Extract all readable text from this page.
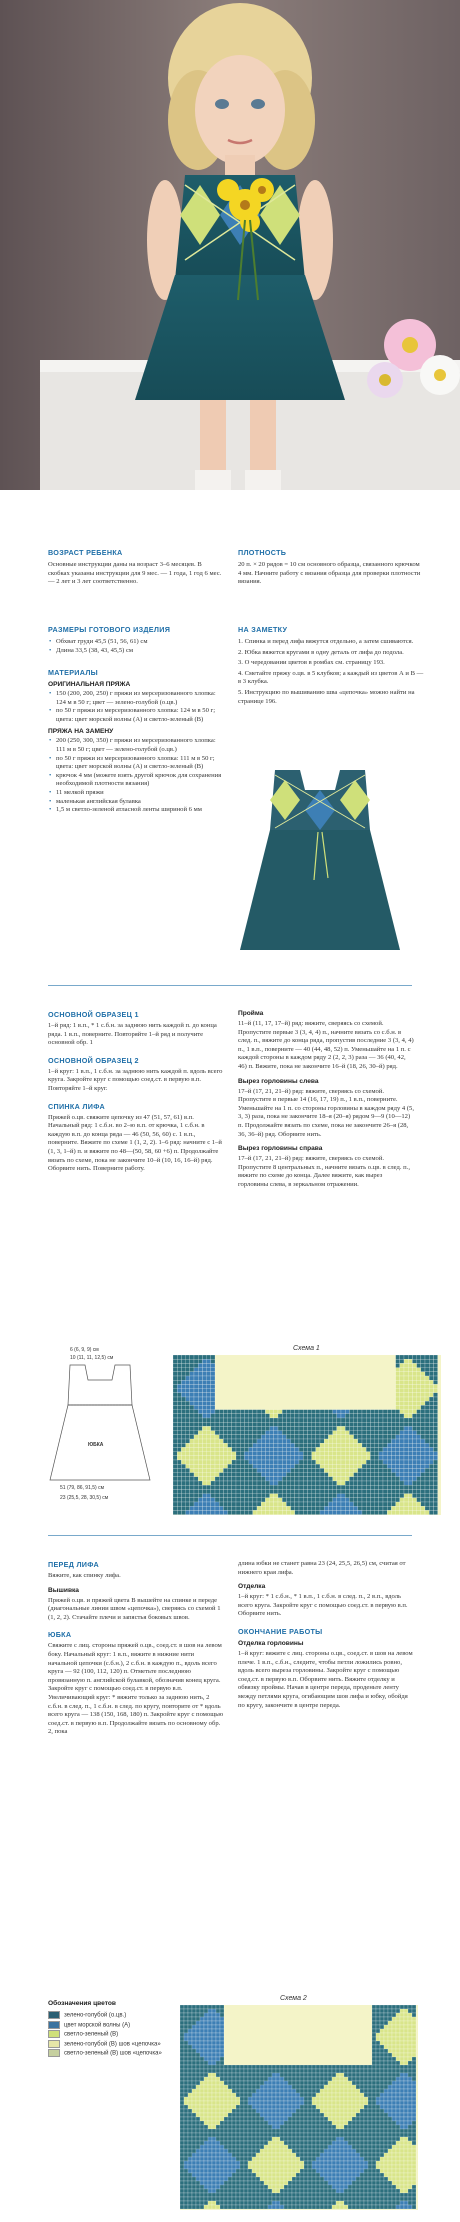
ВОЗРАСТ РЕБЕНКА
Основные инструкции даны на возраст 3–6 месяцев. В скобках указаны инструкции для 9 мес. — 1 года, 1 год 6 мес. — 2 лет и 3 лет соответственно.
РАЗМЕРЫ ГОТОВОГО ИЗДЕЛИЯ
• Обхват груди 45,5 (51, 56, 61) см
• Длина 33,5 (38, 43, 45,5) см
МАТЕРИАЛЫ
ОРИГИНАЛЬНАЯ ПРЯЖА
• 150 (200, 200, 250) г пряжи из мерсеризованного хлопка: 124 м в 50 г; цвет — зелено-голубой (о.цв.)
• по 50 г пряжи из мерсеризованного хлопка: 124 м в 50 г; цвета: цвет морской волны (А) и светло-зеленый (В)
ПРЯЖА НА ЗАМЕНУ
• 200 (250, 300, 350) г пряжи из мерсеризованного хлопка: 111 м в 50 г; цвет — зелено-голубой (о.цв.)
• по 50 г пряжи из мерсеризованного хлопка: 111 м в 50 г; цвета: цвет морской волны (А) и светло-зеленый (В)
• крючок 4 мм (можете взять другой крючок для сохранения необходимой плотности вязания)
• 11 мелкой пряжи
• маленькая английская булавка
• 1,5 м светло-зеленой атласной ленты шириной 6 мм
ПЛОТНОСТЬ
20 п. × 20 рядов = 10 см основного образца, связанного крючком 4 мм. Начните работу с вязания образца для проверки плотности вязания.
НА ЗАМЕТКУ
1. Спинка и перед лифа вяжутся отдельно, а затем сшиваются.
2. Юбка вяжется кругами в одну деталь от лифа до подола.
3. О чередовании цветов в ромбах см. страницу 193.
4. Сметайте пряжу о.цв. в 5 клубков; а каждый из цветов А и В — в 3 клубка.
5. Инструкцию по вышиванию шва «цепочка» можно найти на странице 196.
ОСНОВНОЙ ОБРАЗЕЦ 1
1–й ряд: 1 в.п., * 1 с.б.н. за заднюю нить каждой п. до конца ряда. 1 в.п., поверните. Повторяйте 1–й ряд и получите основной обр. 1
ОСНОВНОЙ ОБРАЗЕЦ 2
1–й круг: 1 в.п., 1 с.б.н. за заднюю нить каждой п. вдоль всего круга. Закройте круг с помощью соед.ст. в первую в.п. Повторяйте 1–й круг.
СПИНКА ЛИФА
Пряжей о.цв. свяжите цепочку из 47 (51, 57, 61) в.п. Начальный ряд: 1 с.б.н. во 2–ю в.п. от крючка, 1 с.б.н. в каждую в.п. до конца ряда — 46 (50, 56, 60) с. 1 в.п., поверните. Вяжите по схеме 1 (1, 2, 2). 1–6 ряд: начните с 1–й (1, 3, 1–й) п. и вяжите по 48—(50, 58, 60 +6) п. Продолжайте вязать по схеме, пока не закончите 10–й (10, 16, 16–й) ряд. Оборвите нить. Поверните работу.
Пройма
11–й (11, 17, 17–й) ряд: вяжите, сверяясь со схемой. Пропустите первые 3 (3, 4, 4) п., начните вязать со с.б.н. в след. п., вяжите до конца ряда, пропустив последние 3 (3, 4, 4) п., 1 в.п., поверните — 40 (44, 48, 52) п. Уменьшайте на 1 п. с каждой стороны в каждом ряду 2 (2, 2, 3) раза — 36 (40, 42, 46) п. Вяжите, пока не закончите 16–й (18, 26, 30–й) ряд.
Вырез горловины слева
17–й (17, 21, 21–й) ряд: вяжите, сверяясь со схемой. Пропустите в первые 14 (16, 17, 19) п., 1 в.п., поверните. Уменьшайте на 1 п. со стороны горловины в каждом ряду 4 (5, 3, 3) раза, пока не закончите 18–я (20–я) рядом 9—9 (10—12) п. Продолжайте вязать по схеме, пока не закончите 26–я (28, 36, 36–й) ряд. Оборвите нить.
Вырез горловины справа
17–й (17, 21, 21–й) ряд: вяжите, сверяясь со схемой. Пропустите 8 центральных п., начните вязать о.цв. в след. п., вяжите по схеме до конца. Далее вяжите, как вырез горловины слева, в зеркальном отражении.
ЮБКА
6 (6, 9, 9) см
10 (11, 11, 12,5) см
51 (79, 86, 91,5) см
23 (25,5, 28, 30,5) см
Схема 1
ПЕРЕД ЛИФА
Вяжите, как спинку лифа.
Вышивка
Пряжей о.цв. и пряжей цвета В вышейте на спинке и переде (диагональные линии швом «цепочка»), сверяясь со схемой 1 (1, 2, 2). Стачайте плечи и запястья боковых швов.
ЮБКА
Свяжите с лиц. стороны пряжей о.цв., соед.ст. в шов на левом боку. Начальный круг: 1 в.п., вяжите в нижние нити начальной цепочки (с.б.н.), 2 с.б.н. в каждую п., вдоль всего круга — 92 (100, 112, 120) п. Отметьте последнюю провязанную п. английской булавкой, обозначив конец круга. Закройте круг с помощью соед.ст. в первую в.п. Увеличивающий круг: * вяжите только за заднюю нить, 2 с.б.н. в след. п., 1 с.б.н. в след. по кругу, повторите от * вдоль всего круга — 138 (150, 168, 180) п. Закройте круг с помощью соед.ст. в первую в.п. Продолжайте вязать по основному обр. 2, пока
длина юбки не станет равна 23 (24, 25,5, 26,5) см, считая от нижнего края лифа.
Отделка
1–й круг: * 1 с.б.н., * 1 в.п., 1 с.б.н. в след. п., 2 в.п., вдоль всего круга. Закройте круг с помощью соед.ст. в первую в.п. Оборвите нить.
ОКОНЧАНИЕ РАБОТЫ
Отделка горловины
1–й круг: вяжите с лиц. стороны о.цв., соед.ст. в шов на левом плече. 1 в.п., с.б.н., следите, чтобы петли ложились ровно, вдоль всего выреза горловины. Закройте круг с помощью соед.ст. в первую в.п. Оборвите нить. Вяжите отделку и обвязку проймы. Начав в центре переда, проденьте ленту между петлями круга, огибающим шов лифа и юбку, обойдя по кругу, закончите в центре переда.
Обозначения цветов
зелено-голубой (о.цв.)
цвет морской волны (А)
светло-зеленый (В)
зелено-голубой (В) шов «цепочка»
светло-зеленый (В) шов «цепочка»
Схема 2
